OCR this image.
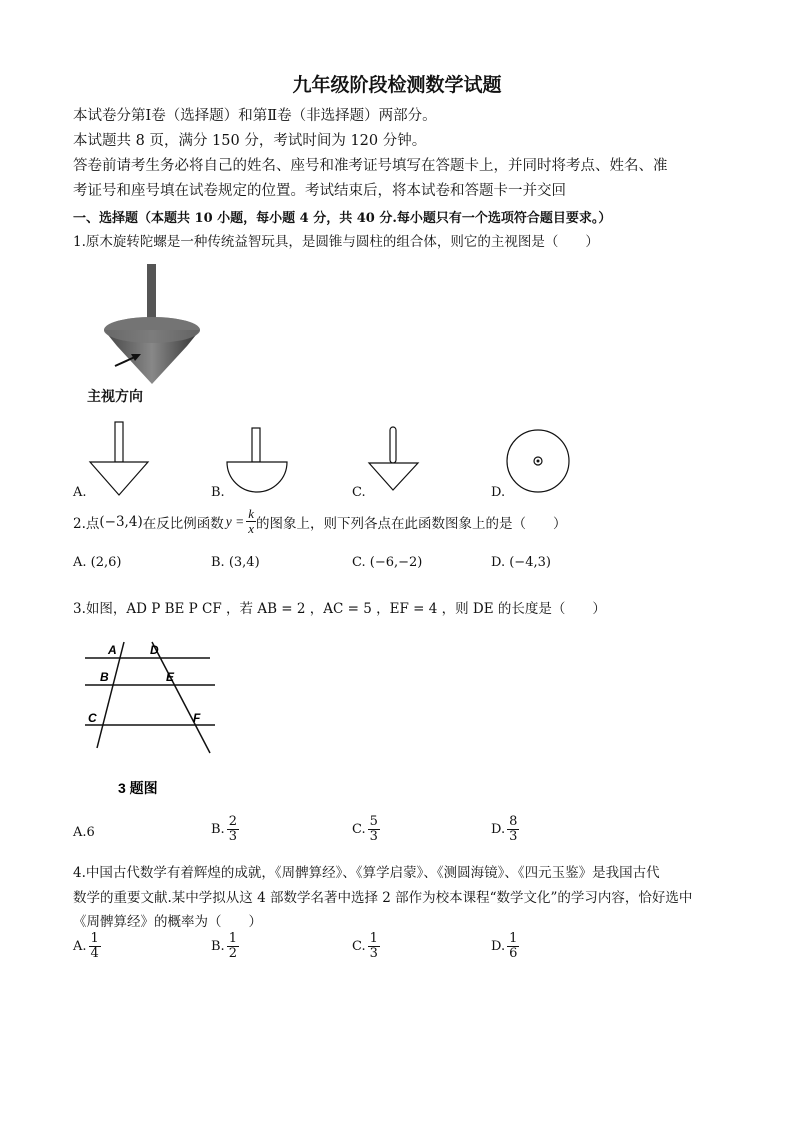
九年级阶段检测数学试题
本试卷分第Ⅰ卷（选择题）和第Ⅱ卷（非选择题）两部分。
本试题共 8 页，满分 150 分，考试时间为 120 分钟。
答卷前请考生务必将自己的姓名、座号和准考证号填写在答题卡上，并同时将考点、姓名、准
考证号和座号填在试卷规定的位置。考试结束后，将本试卷和答题卡一并交回
一、选择题（本题共 10 小题，每小题 4 分，共 40 分.每小题只有一个选项符合题目要求。）
1.原木旋转陀螺是一种传统益智玩具，是圆锥与圆柱的组合体，则它的主视图是（　　）
主视方向
A.	B.	C.	D.
2.点 (−3,4) 在反比例函数 $y = \frac{k}{x}$ 的图象上，则下列各点在此函数图象上的是（　　）
A. (2,6)	B. (3,4)	C. (−6,−2)	D. (−4,3)
3.如图，AD P BE P CF ，若 AB = 2 ，AC = 5 ，EF = 4 ，则 DE 的长度是（　　）
A	D
B	E
C	F
3 题图
A.6	B. $\frac{2}{3}$	C. $\frac{5}{3}$	D. $\frac{8}{3}$
4.中国古代数学有着辉煌的成就，《周髀算经》、《算学启蒙》、《测圆海镜》、《四元玉鉴》是我国古代
数学的重要文献.某中学拟从这 4 部数学名著中选择 2 部作为校本课程“数学文化”的学习内容，恰好选中
《周髀算经》的概率为（　　）
A. $\frac{1}{4}$	B. $\frac{1}{2}$	C. $\frac{1}{3}$	D. $\frac{1}{6}$
